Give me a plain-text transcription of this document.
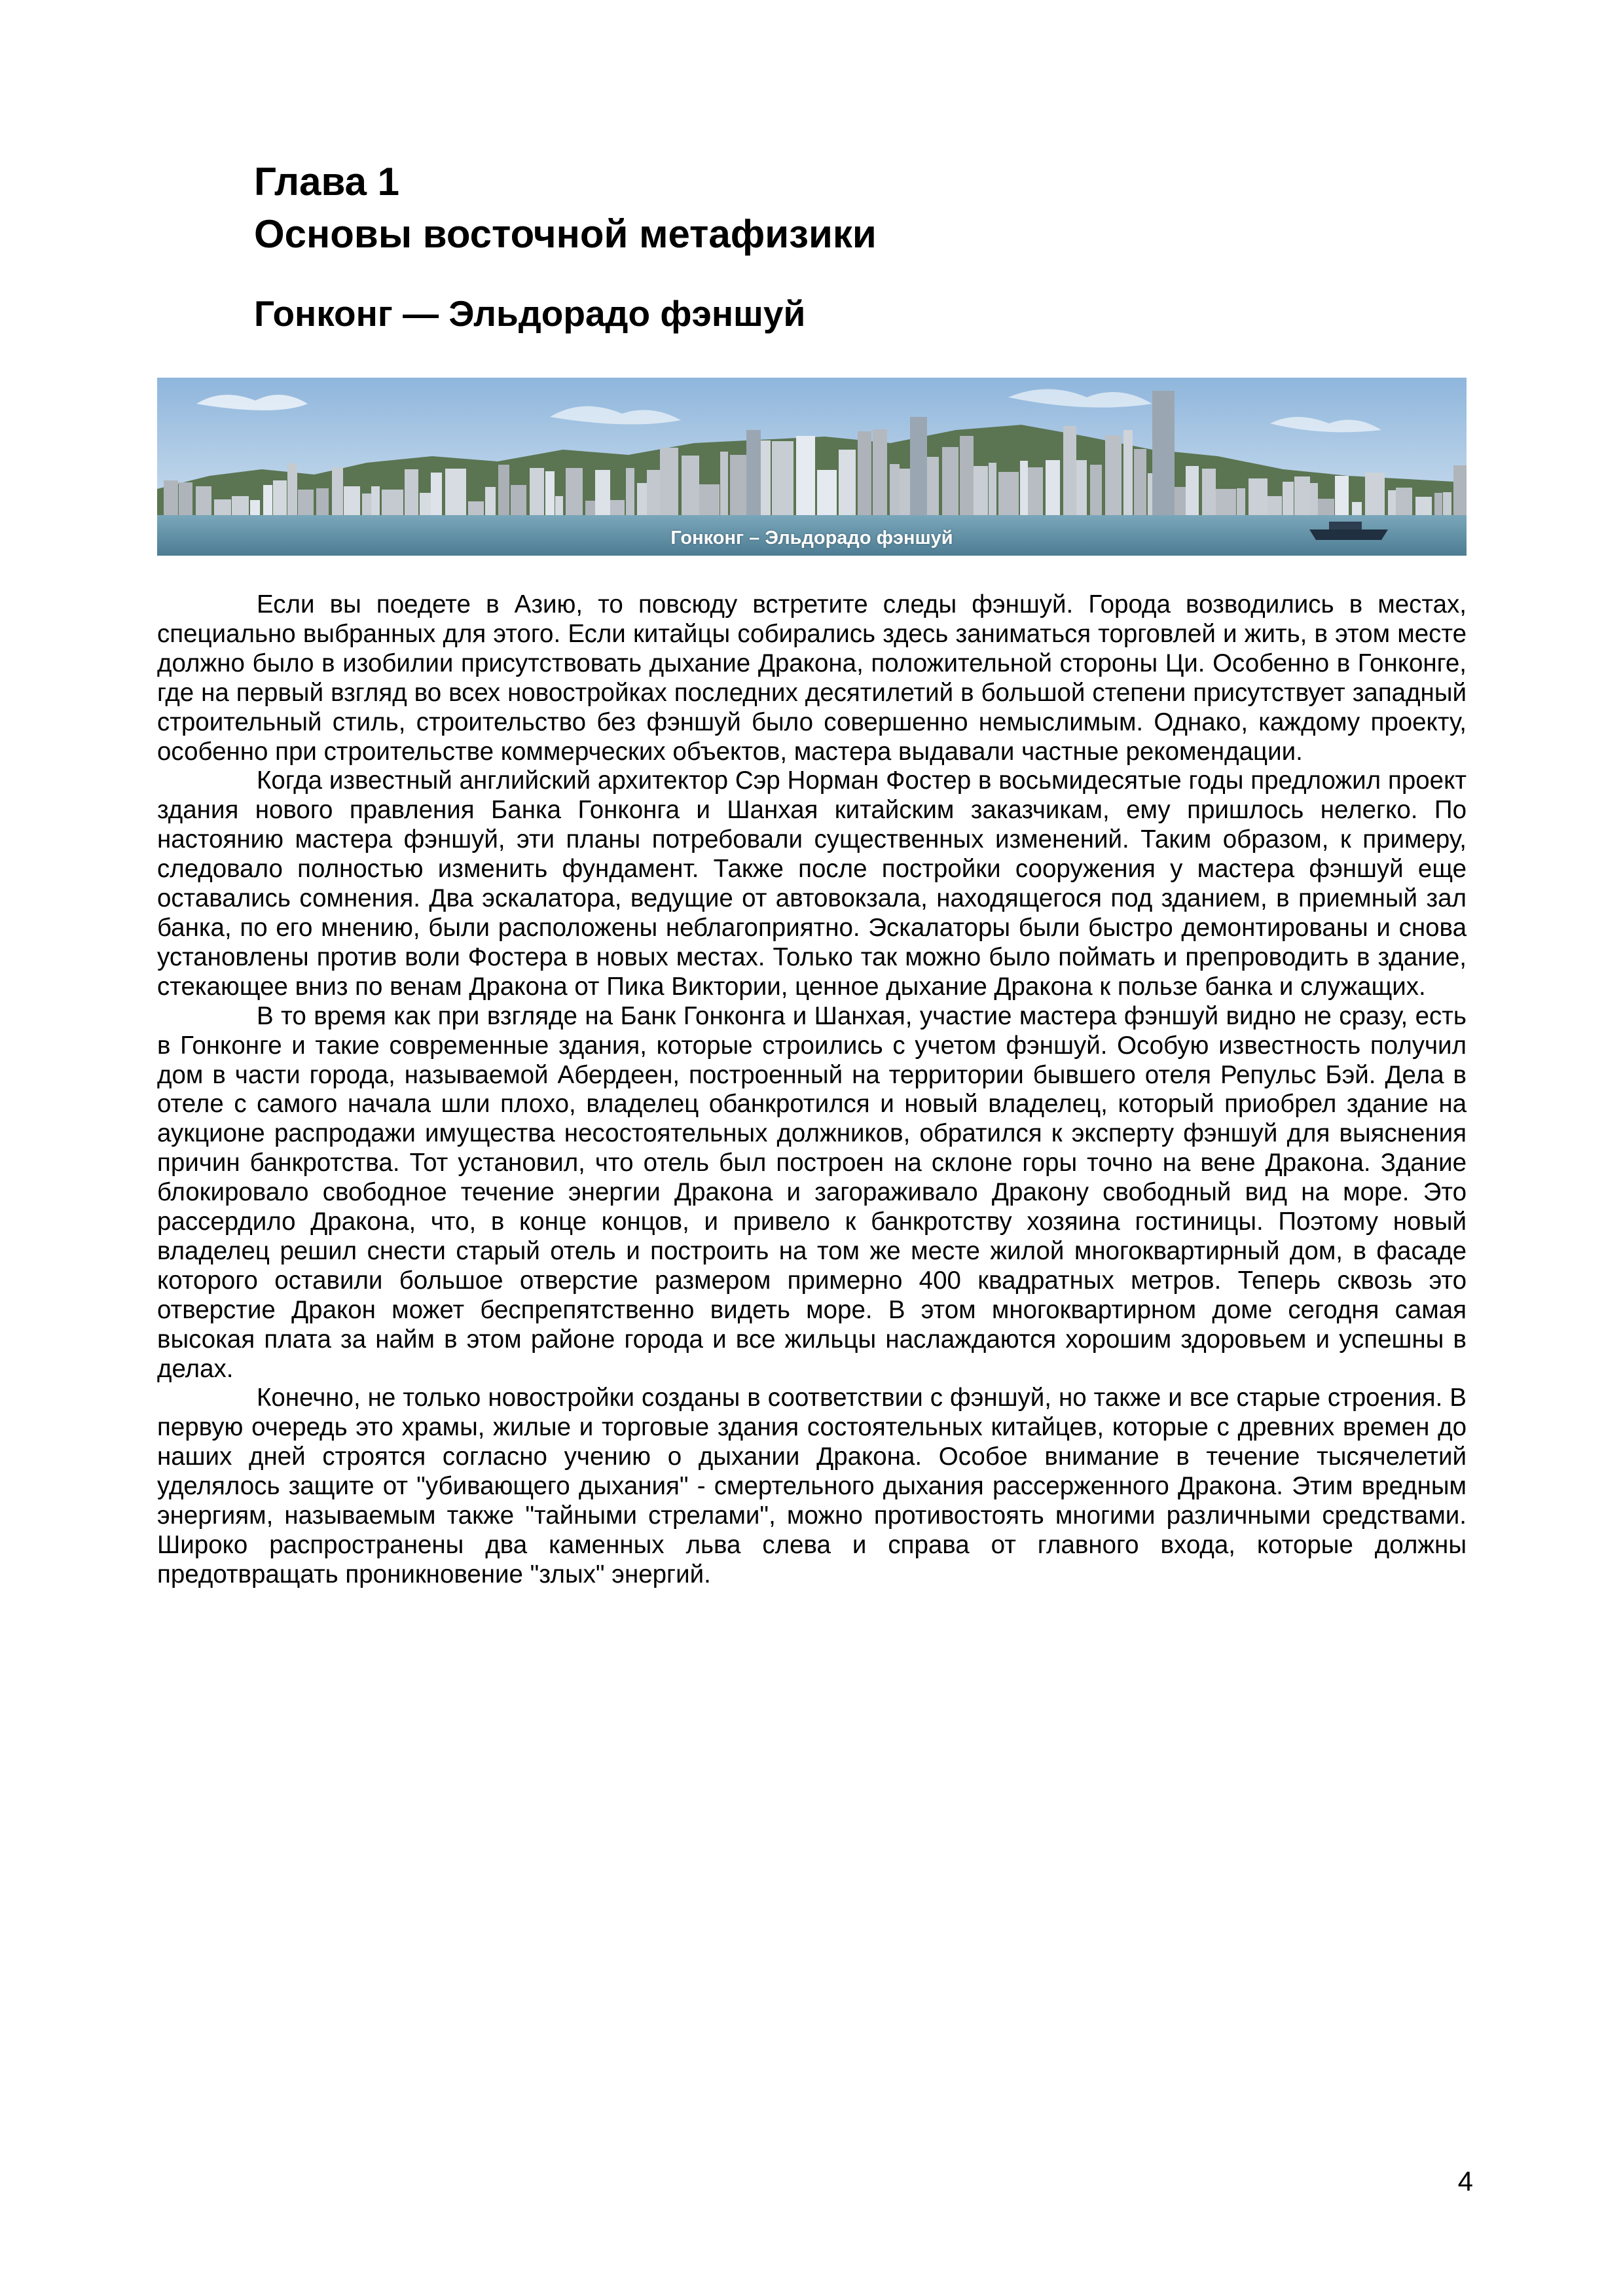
Глава 1
Основы восточной метафизики
Гонконг — Эльдорадо фэншуй
Гонконг – Эльдорадо фэншуй

Если вы поедете в Азию, то повсюду встретите следы фэншуй. Города возводились в местах, специально выбранных для этого. Если китайцы собирались здесь заниматься торговлей и жить, в этом месте должно было в изобилии присутствовать дыхание Дракона, положительной стороны Ци. Особенно в Гонконге, где на первый взгляд во всех новостройках последних десятилетий в большой степени присутствует западный строительный стиль, строительство без фэншуй было совершенно немыслимым. Однако, каждому проекту, особенно при строительстве коммерческих объектов, мастера выдавали частные рекомендации.

Когда известный английский архитектор Сэр Норман Фостер в восьмидесятые годы предложил проект здания нового правления Банка Гонконга и Шанхая китайским заказчикам, ему пришлось нелегко. По настоянию мастера фэншуй, эти планы потребовали существенных изменений. Таким образом, к примеру, следовало полностью изменить фундамент. Также после постройки сооружения у мастера фэншуй еще оставались сомнения. Два эскалатора, ведущие от автовокзала, находящегося под зданием, в приемный зал банка, по его мнению, были расположены неблагоприятно. Эскалаторы были быстро демонтированы и снова установлены против воли Фостера в новых местах. Только так можно было поймать и препроводить в здание, стекающее вниз по венам Дракона от Пика Виктории, ценное дыхание Дракона к пользе банка и служащих.

В то время как при взгляде на Банк Гонконга и Шанхая, участие мастера фэншуй видно не сразу, есть в Гонконге и такие современные здания, которые строились с учетом фэншуй. Особую известность получил дом в части города, называемой Абердеен, построенный на территории бывшего отеля Репульс Бэй. Дела в отеле с самого начала шли плохо, владелец обанкротился и новый владелец, который приобрел здание на аукционе распродажи имущества несостоятельных должников, обратился к эксперту фэншуй для выяснения причин банкротства. Тот установил, что отель был построен на склоне горы точно на вене Дракона. Здание блокировало свободное течение энергии Дракона и загораживало Дракону свободный вид на море. Это рассердило Дракона, что, в конце концов, и привело к банкротству хозяина гостиницы. Поэтому новый владелец решил снести старый отель и построить на том же месте жилой многоквартирный дом, в фасаде которого оставили большое отверстие размером примерно 400 квадратных метров. Теперь сквозь это отверстие Дракон может беспрепятственно видеть море. В этом многоквартирном доме сегодня самая высокая плата за найм в этом районе города и все жильцы наслаждаются хорошим здоровьем и успешны в делах.

Конечно, не только новостройки созданы в соответствии с фэншуй, но также и все старые строения. В первую очередь это храмы, жилые и торговые здания состоятельных китайцев, которые с древних времен до наших дней строятся согласно учению о дыхании Дракона. Особое внимание в течение тысячелетий уделялось защите от "убивающего дыхания" - смертельного дыхания рассерженного Дракона. Этим вредным энергиям, называемым также "тайными стрелами", можно противостоять многими различными средствами. Широко распространены два каменных льва слева и справа от главного входа, которые должны предотвращать проникновение "злых" энергий.

4
